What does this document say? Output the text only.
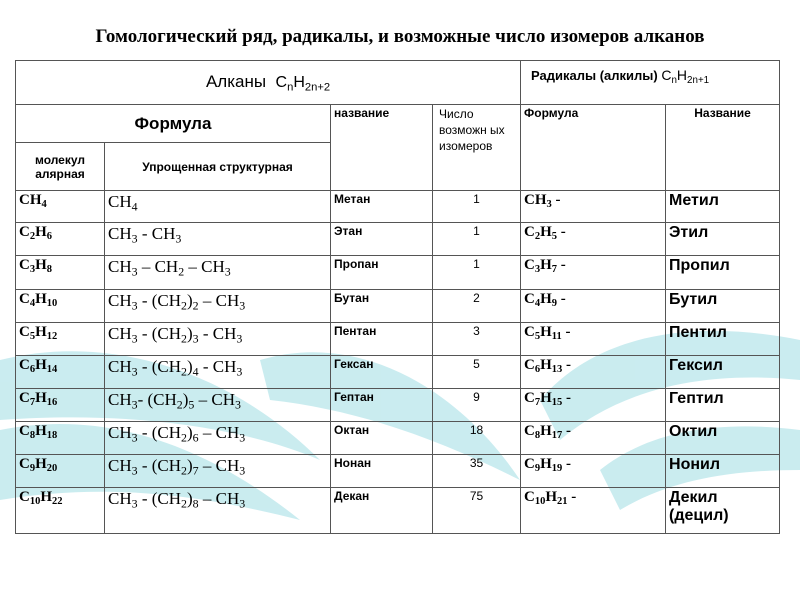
Гомологический ряд, радикалы, и возможные число изомеров алканов
Алканы $C_nH_{2n+2}$				Радикалы (алкилы) $C_nH_{2n+1}$
Формула		название	Число возможн ых изомеров	Формула	Название
молекул алярная	Упрощенная структурная				
$CH_4$	$CH_4$	Метан	1	$CH_3$ -	Метил
$C_2H_6$	$CH_3 - CH_3$	Этан	1	$C_2H_5$ -	Этил
$C_3H_8$	$CH_3 - CH_2 - CH_3$	Пропан	1	$C_3H_7$ -	Пропил
$C_4H_{10}$	$CH_3 - (CH_2)_2 - CH_3$	Бутан	2	$C_4H_9$ -	Бутил
$C_5H_{12}$	$CH_3 - (CH_2)_3 - CH_3$	Пентан	3	$C_5H_{11}$ -	Пентил
$C_6H_{14}$	$CH_3 - (CH_2)_4 - CH_3$	Гексан	5	$C_6H_{13}$ -	Гексил
$C_7H_{16}$	$CH_3-$ $(CH_2)_5 - CH_3$	Гептан	9	$C_7H_{15}$ -	Гептил
$C_8H_{18}$	$CH_3 - (CH_2)_6 - CH_3$	Октан	18	$C_8H_{17}$ -	Октил
$C_9H_{20}$	$CH_3 - (CH_2)_7 - CH_3$	Нонан	35	$C_9H_{19}$ -	Нонил
$C_{10}H_{22}$	$CH_3 - (CH_2)_8 - CH_3$	Декан	75	$C_{10}H_{21}$ -	Декил (децил)
